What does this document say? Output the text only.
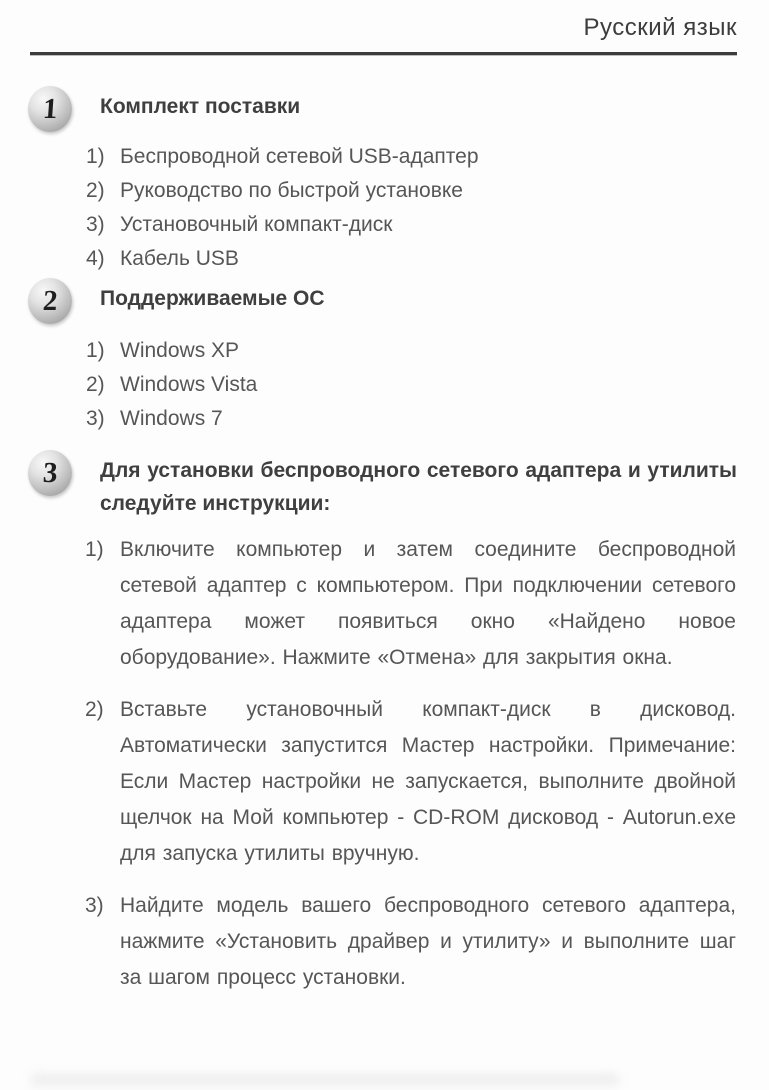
Русский язык
1 Комплект поставки
1) Беспроводной сетевой USB-адаптер
2) Руководство по быстрой установке
3) Установочный компакт-диск
4) Кабель USB
2 Поддерживаемые ОС
1) Windows XP
2) Windows Vista
3) Windows 7
3 Для установки беспроводного сетевого адаптера и утилиты следуйте инструкции:
1) Включите компьютер и затем соедините беспроводной сетевой адаптер с компьютером. При подключении сетевого адаптера может появиться окно «Найдено новое оборудование». Нажмите «Отмена» для закрытия окна.
2) Вставьте установочный компакт-диск в дисковод. Автоматически запустится Мастер настройки. Примечание: Если Мастер настройки не запускается, выполните двойной щелчок на Мой компьютер - CD-ROM дисковод - Autorun.exe для запуска утилиты вручную.
3) Найдите модель вашего беспроводного сетевого адаптера, нажмите «Установить драйвер и утилиту» и выполните шаг за шагом процесс установки.
